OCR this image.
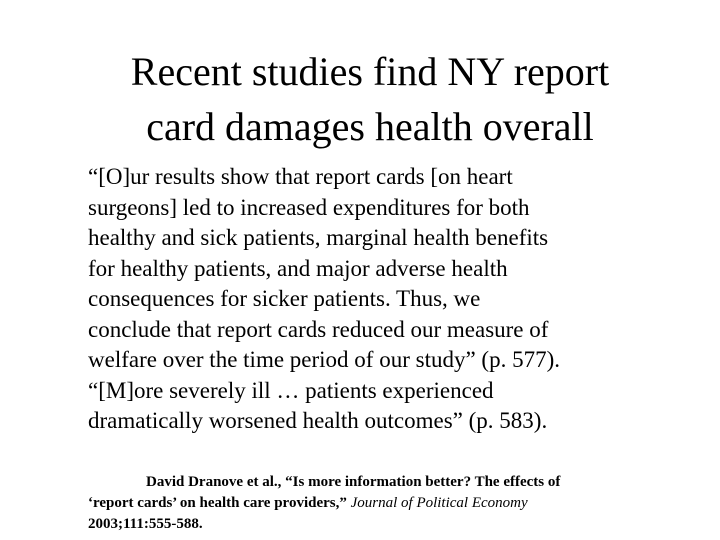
Recent studies find NY report
card damages health overall
“[O]ur results show that report cards [on heart
surgeons] led to increased expenditures for both
healthy and sick patients, marginal health benefits
for healthy patients, and major adverse health
consequences for sicker patients. Thus, we
conclude that report cards reduced our measure of
welfare over the time period of our study” (p. 577).
“[M]ore severely ill … patients experienced
dramatically worsened health outcomes” (p. 583).
David Dranove et al., “Is more information better? The effects of
‘report cards’ on health care providers,” Journal of Political Economy
2003;111:555-588.
